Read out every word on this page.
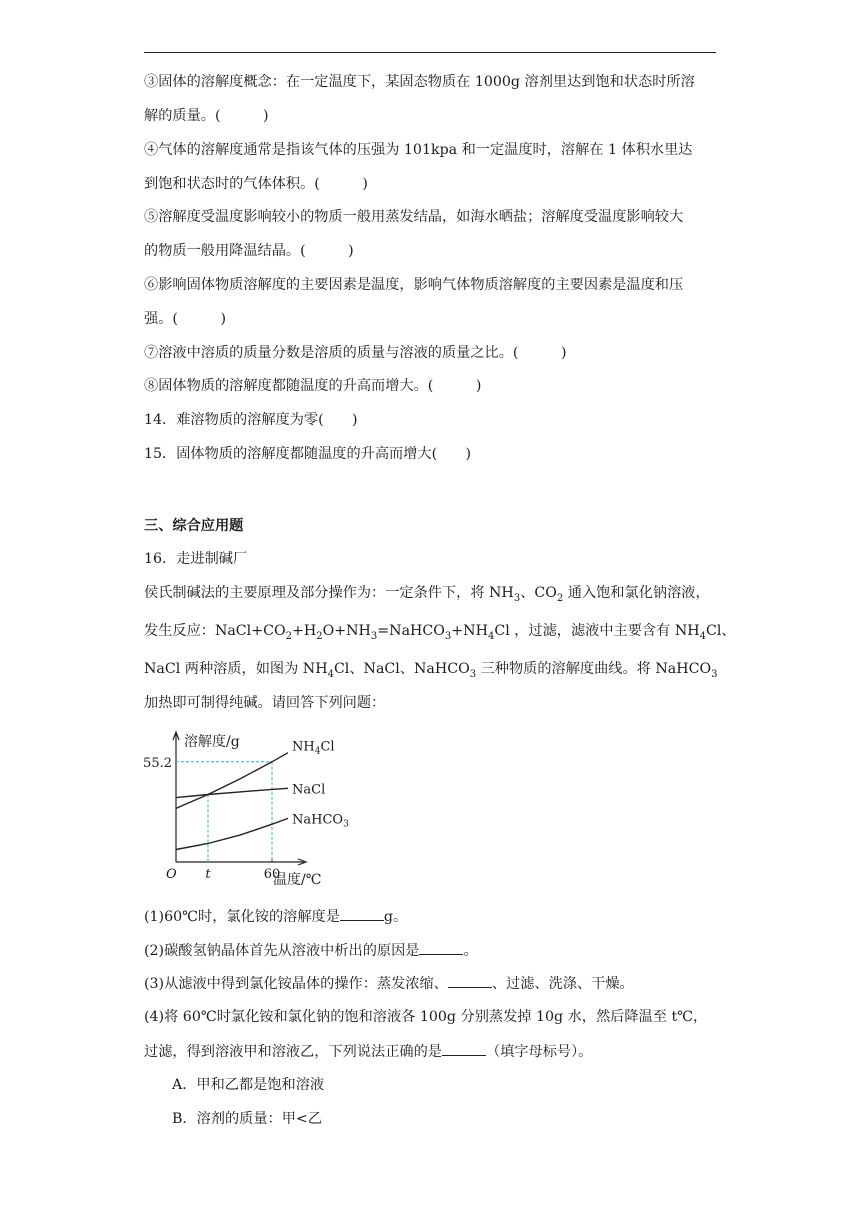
③固体的溶解度概念：在一定温度下，某固态物质在 1000g 溶剂里达到饱和状态时所溶
解的质量。(　　　)
④气体的溶解度通常是指该气体的压强为 101kpa 和一定温度时，溶解在 1 体积水里达
到饱和状态时的气体体积。(　　　)
⑤溶解度受温度影响较小的物质一般用蒸发结晶，如海水晒盐；溶解度受温度影响较大
的物质一般用降温结晶。(　　　)
⑥影响固体物质溶解度的主要因素是温度，影响气体物质溶解度的主要因素是温度和压
强。(　　　)
⑦溶液中溶质的质量分数是溶质的质量与溶液的质量之比。(　　　)
⑧固体物质的溶解度都随温度的升高而增大。(　　　)
14．难溶物质的溶解度为零(　　)
15．固体物质的溶解度都随温度的升高而增大(　　)
三、综合应用题
16．走进制碱厂
侯氏制碱法的主要原理及部分操作为：一定条件下，将 $NH_3$、$CO_2$ 通入饱和氯化钠溶液，
发生反应：$NaCl+CO_2+H_2O+NH_3=NaHCO_3+NH_4Cl$ ，过滤，滤液中主要含有 $NH_4Cl$、
NaCl 两种溶质，如图为 $NH_4Cl$、NaCl、NaHCO$_3$ 三种物质的溶解度曲线。将 NaHCO$_3$
加热即可制得纯碱。请回答下列问题：
溶解度/g
温度/℃
O t	60
55.2
$NH_4Cl$
NaCl
NaHCO$_3$
(1)60℃时，氯化铵的溶解度是	g。
(2)碳酸氢钠晶体首先从溶液中析出的原因是	。
(3)从滤液中得到氯化铵晶体的操作：蒸发浓缩、	、过滤、洗涤、干燥。
(4)将 60℃时氯化铵和氯化钠的饱和溶液各 100g 分别蒸发掉 10g 水，然后降温至 t℃，
过滤，得到溶液甲和溶液乙，下列说法正确的是	（填字母标号）。
A．甲和乙都是饱和溶液
B．溶剂的质量：甲<乙
